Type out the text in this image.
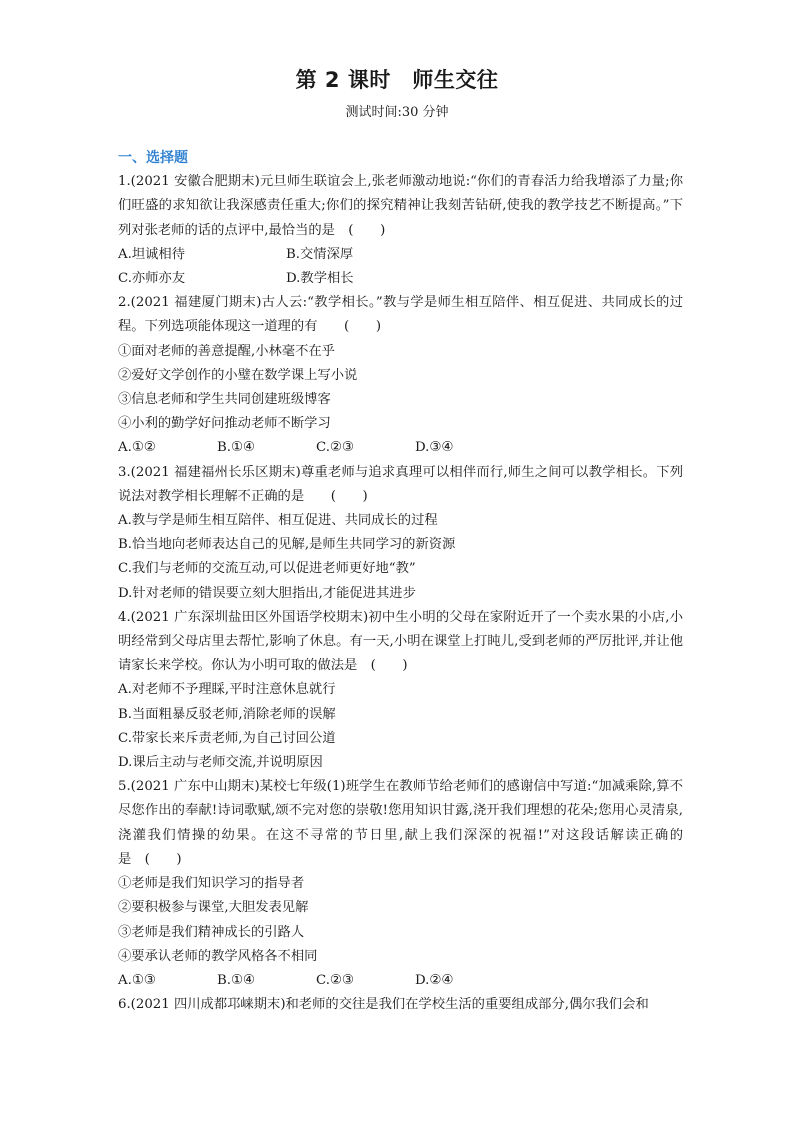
第 2 课时　师生交往
测试时间:30 分钟
一、选择题
1.(2021 安徽合肥期末)元旦师生联谊会上,张老师激动地说:“你们的青春活力给我增添了力量;你们旺盛的求知欲让我深感责任重大;你们的探究精神让我刻苦钻研,使我的教学技艺不断提高。”下列对张老师的话的点评中,最恰当的是　(　　)
A.坦诚相待	B.交情深厚
C.亦师亦友	D.教学相长
2.(2021 福建厦门期末)古人云:“教学相长。”教与学是师生相互陪伴、相互促进、共同成长的过程。下列选项能体现这一道理的有　　(　　)
①面对老师的善意提醒,小林毫不在乎
②爱好文学创作的小璧在数学课上写小说
③信息老师和学生共同创建班级博客
④小利的勤学好问推动老师不断学习
A.①②	B.①④	C.②③	D.③④
3.(2021 福建福州长乐区期末)尊重老师与追求真理可以相伴而行,师生之间可以教学相长。下列说法对教学相长理解不正确的是　　(　　)
A.教与学是师生相互陪伴、相互促进、共同成长的过程
B.恰当地向老师表达自己的见解,是师生共同学习的新资源
C.我们与老师的交流互动,可以促进老师更好地“教”
D.针对老师的错误要立刻大胆指出,才能促进其进步
4.(2021 广东深圳盐田区外国语学校期末)初中生小明的父母在家附近开了一个卖水果的小店,小明经常到父母店里去帮忙,影响了休息。有一天,小明在课堂上打盹儿,受到老师的严厉批评,并让他请家长来学校。你认为小明可取的做法是　(　　)
A.对老师不予理睬,平时注意休息就行
B.当面粗暴反驳老师,消除老师的误解
C.带家长来斥责老师,为自己讨回公道
D.课后主动与老师交流,并说明原因
5.(2021 广东中山期末)某校七年级(1)班学生在教师节给老师们的感谢信中写道:“加减乘除,算不尽您作出的奉献!诗词歌赋,颂不完对您的崇敬!您用知识甘露,浇开我们理想的花朵;您用心灵清泉,浇灌我们情操的幼果。在这不寻常的节日里,献上我们深深的祝福!”对这段话解读正确的是　(　　)
①老师是我们知识学习的指导者
②要积极参与课堂,大胆发表见解
③老师是我们精神成长的引路人
④要承认老师的教学风格各不相同
A.①③	B.①④	C.②③	D.②④
6.(2021 四川成都邛崃期末)和老师的交往是我们在学校生活的重要组成部分,偶尔我们会和
